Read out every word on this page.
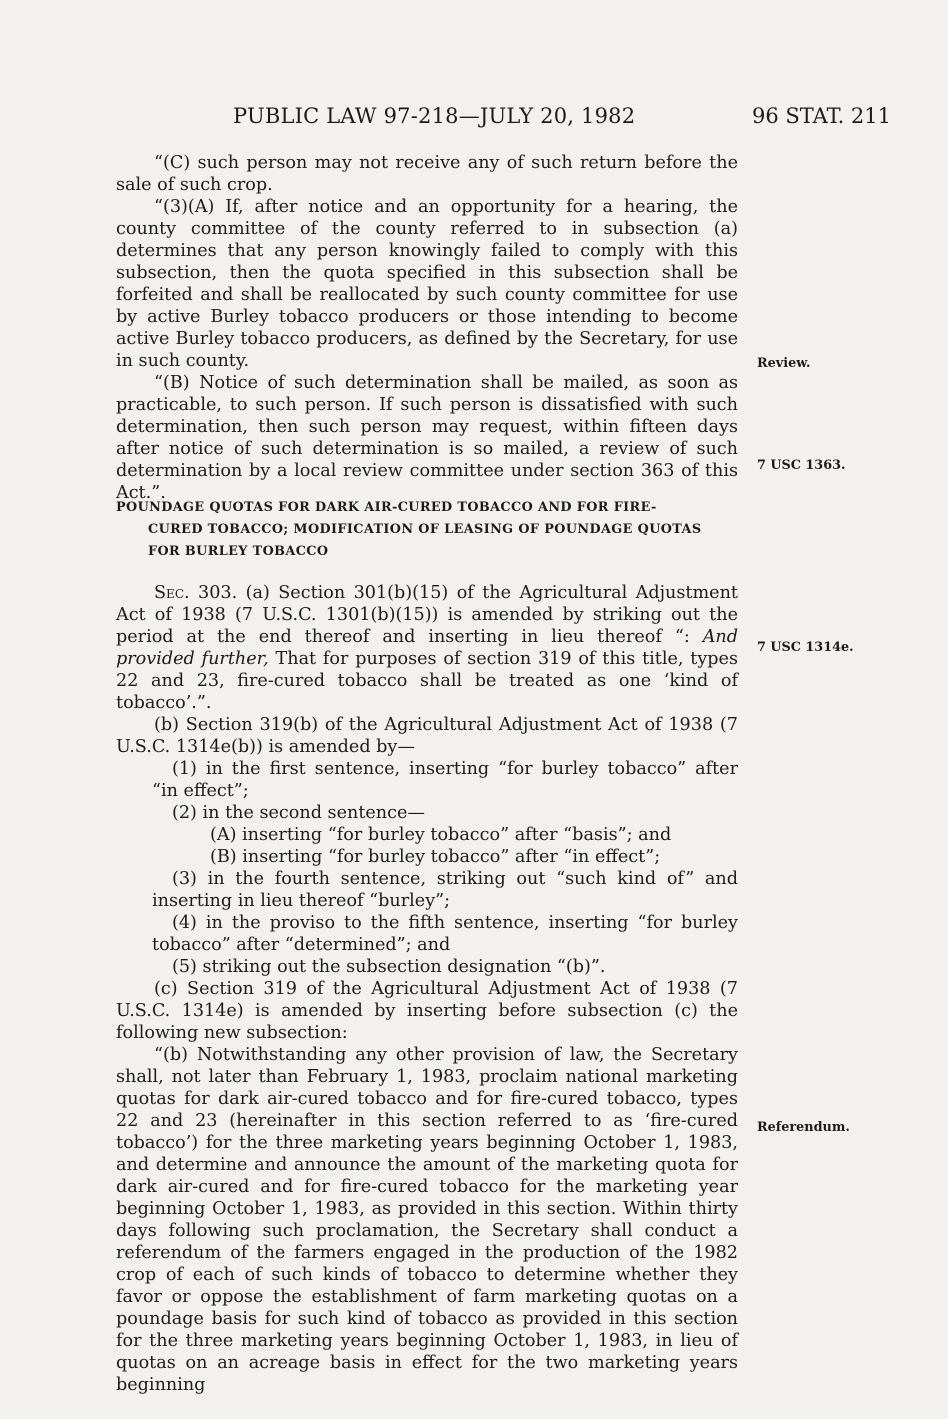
PUBLIC LAW 97-218—JULY 20, 1982	96 STAT. 211

“(C) such person may not receive any of such return before the sale of such crop.

“(3)(A) If, after notice and an opportunity for a hearing, the county committee of the county referred to in subsection (a) determines that any person knowingly failed to comply with this subsection, then the quota specified in this subsection shall be forfeited and shall be reallocated by such county committee for use by active Burley tobacco producers or those intending to become active Burley tobacco producers, as defined by the Secretary, for use in such county.

“(B) Notice of such determination shall be mailed, as soon as practicable, to such person. If such person is dissatisfied with such determination, then such person may request, within fifteen days after notice of such determination is so mailed, a review of such determination by a local review committee under section 363 of this Act.”.

POUNDAGE QUOTAS FOR DARK AIR-CURED TOBACCO AND FOR FIRE-
CURED TOBACCO; MODIFICATION OF LEASING OF POUNDAGE QUOTAS
FOR BURLEY TOBACCO

Sec. 303. (a) Section 301(b)(15) of the Agricultural Adjustment Act of 1938 (7 U.S.C. 1301(b)(15)) is amended by striking out the period at the end thereof and inserting in lieu thereof “: And provided further, That for purposes of section 319 of this title, types 22 and 23, fire-cured tobacco shall be treated as one ‘kind of tobacco’.”.

(b) Section 319(b) of the Agricultural Adjustment Act of 1938 (7 U.S.C. 1314e(b)) is amended by—

(1) in the first sentence, inserting “for burley tobacco” after “in effect”;

(2) in the second sentence—

(A) inserting “for burley tobacco” after “basis”; and

(B) inserting “for burley tobacco” after “in effect”;

(3) in the fourth sentence, striking out “such kind of” and inserting in lieu thereof “burley”;

(4) in the proviso to the fifth sentence, inserting “for burley tobacco” after “determined”; and

(5) striking out the subsection designation “(b)”.

(c) Section 319 of the Agricultural Adjustment Act of 1938 (7 U.S.C. 1314e) is amended by inserting before subsection (c) the following new subsection:

“(b) Notwithstanding any other provision of law, the Secretary shall, not later than February 1, 1983, proclaim national marketing quotas for dark air-cured tobacco and for fire-cured tobacco, types 22 and 23 (hereinafter in this section referred to as ‘fire-cured tobacco’) for the three marketing years beginning October 1, 1983, and determine and announce the amount of the marketing quota for dark air-cured and for fire-cured tobacco for the marketing year beginning October 1, 1983, as provided in this section. Within thirty days following such proclamation, the Secretary shall conduct a referendum of the farmers engaged in the production of the 1982 crop of each of such kinds of tobacco to determine whether they favor or oppose the establishment of farm marketing quotas on a poundage basis for such kind of tobacco as provided in this section for the three marketing years beginning October 1, 1983, in lieu of quotas on an acreage basis in effect for the two marketing years beginning

Review.
7 USC 1363.
7 USC 1314e.
Referendum.
